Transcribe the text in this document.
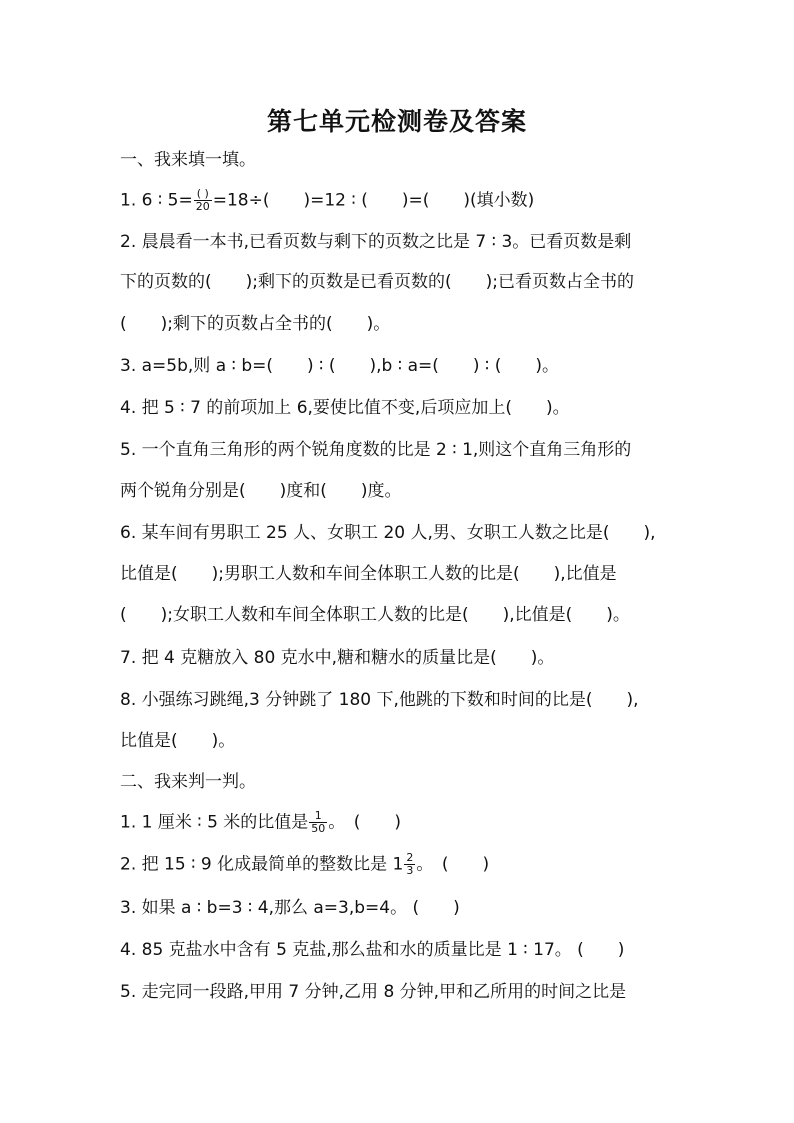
第七单元检测卷及答案
一、我来填一填。
1. 6 ∶ $5= \frac{( )}{20} =18\div$(　　)=12 ∶ (　　)=(　　)(填小数)
2. 晨晨看一本书,已看页数与剩下的页数之比是 7 ∶ 3。已看页数是剩
下的页数的(　　);剩下的页数是已看页数的(　　);已看页数占全书的
(　　);剩下的页数占全书的(　　)。
3. a=5b,则 a ∶ b=(　　) ∶ (　　),b ∶ a=(　　) ∶ (　　)。
4. 把 5 ∶ 7 的前项加上 6,要使比值不变,后项应加上(　　)。
5. 一个直角三角形的两个锐角度数的比是 2 ∶ 1,则这个直角三角形的
两个锐角分别是(　　)度和(　　)度。
6. 某车间有男职工 25 人、女职工 20 人,男、女职工人数之比是(　　),
比值是(　　);男职工人数和车间全体职工人数的比是(　　),比值是
(　　);女职工人数和车间全体职工人数的比是(　　),比值是(　　)。
7. 把 4 克糖放入 80 克水中,糖和糖水的质量比是(　　)。
8. 小强练习跳绳,3 分钟跳了 180 下,他跳的下数和时间的比是(　　),
比值是(　　)。
二、我来判一判。
1. 1 厘米 ∶ 5 米的比值是 $\frac{1}{50}$ 。　(　　)
2. 把 15 ∶ 9 化成最简单的整数比是 $1 \frac{2}{3}$ 。　(　　)
3. 如果 a ∶ b=3 ∶ 4,那么 a=3,b=4。 (　　)
4. 85 克盐水中含有 5 克盐,那么盐和水的质量比是 1 ∶ 17。 (　　)
5. 走完同一段路,甲用 7 分钟,乙用 8 分钟,甲和乙所用的时间之比是
